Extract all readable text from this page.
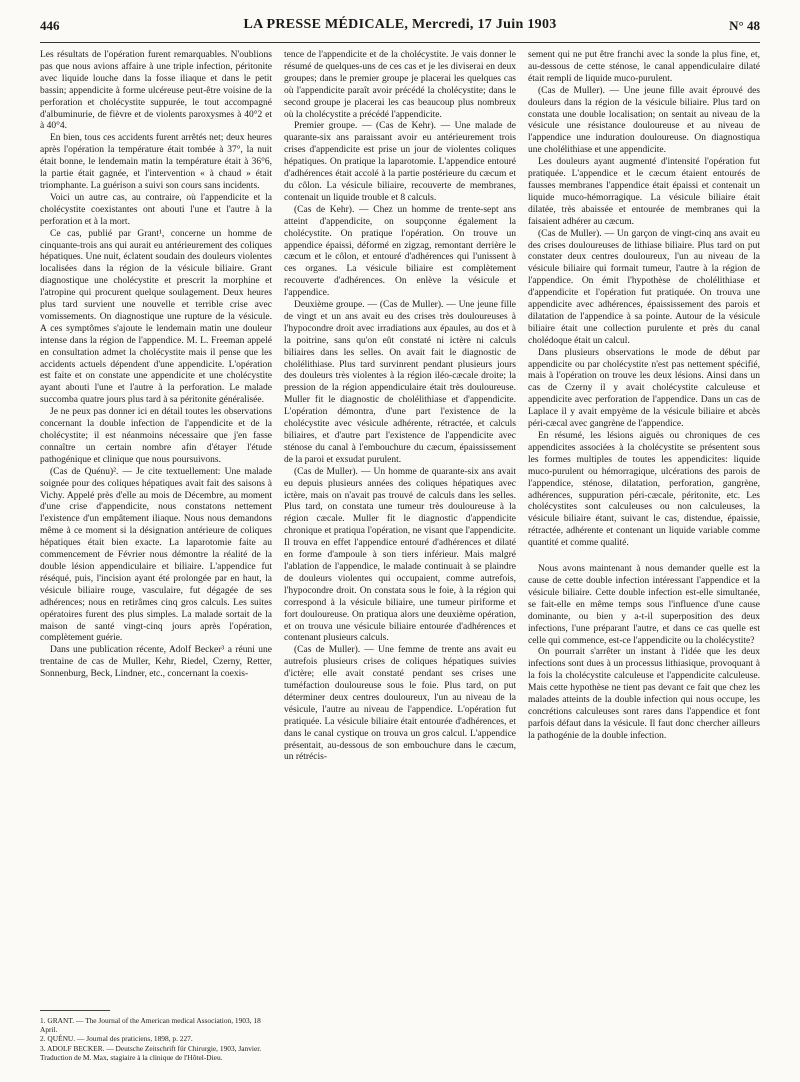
446	LA PRESSE MÉDICALE, Mercredi, 17 Juin 1903	N° 48

Les résultats de l'opération furent remarquables. N'oublions pas que nous avions affaire à une triple infection, péritonite avec liquide louche dans la fosse iliaque et dans le petit bassin; appendicite à forme ulcéreuse peut-être voisine de la perforation et cholécystite suppurée, le tout accompagné d'albuminurie, de fièvre et de violents paroxysmes à 40°2 et à 40°4.

En bien, tous ces accidents furent arrêtés net; deux heures après l'opération la température était tombée à 37°, la nuit était bonne, le lendemain matin la température était à 36°6, la partie était gagnée, et l'intervention « à chaud » était triomphante. La guérison a suivi son cours sans incidents.

Voici un autre cas, au contraire, où l'appendicite et la cholécystite coexistantes ont abouti l'une et l'autre à la perforation et à la mort.

Ce cas, publié par Grant¹, concerne un homme de cinquante-trois ans qui aurait eu antérieurement des coliques hépatiques. Une nuit, éclatent soudain des douleurs violentes localisées dans la région de la vésicule biliaire. Grant diagnostique une cholécystite et prescrit la morphine et l'atropine qui procurent quelque soulagement. Deux heures plus tard survient une nouvelle et terrible crise avec vomissements. On diagnostique une rupture de la vésicule. A ces symptômes s'ajoute le lendemain matin une douleur intense dans la région de l'appendice. M. L. Freeman appelé en consultation admet la cholécystite mais il pense que les accidents actuels dépendent d'une appendicite. L'opération est faite et on constate une appendicite et une cholécystite ayant abouti l'une et l'autre à la perforation. Le malade succomba quatre jours plus tard à sa péritonite généralisée.

Je ne peux pas donner ici en détail toutes les observations concernant la double infection de l'appendicite et de la cholécystite; il est néanmoins nécessaire que j'en fasse connaître un certain nombre afin d'étayer l'étude pathogénique et clinique que nous poursuivons.

(Cas de Quénu)². — Je cite textuellement: Une malade soignée pour des coliques hépatiques avait fait des saisons à Vichy. Appelé près d'elle au mois de Décembre, au moment d'une crise d'appendicite, nous constatons nettement l'existence d'un empâtement iliaque. Nous nous demandons même à ce moment si la désignation antérieure de coliques hépatiques était bien exacte. La laparotomie faite au commencement de Février nous démontre la réalité de la double lésion appendiculaire et biliaire. L'appendice fut réséqué, puis, l'incision ayant été prolongée par en haut, la vésicule biliaire rouge, vasculaire, fut dégagée de ses adhérences; nous en retirâmes cinq gros calculs. Les suites opératoires furent des plus simples. La malade sortait de la maison de santé vingt-cinq jours après l'opération, complètement guérie.

Dans une publication récente, Adolf Becker³ a réuni une trentaine de cas de Muller, Kehr, Riedel, Czerny, Retter, Sonnenburg, Beck, Lindner, etc., concernant la coexis-

tence de l'appendicite et de la cholécystite. Je vais donner le résumé de quelques-uns de ces cas et je les diviserai en deux groupes; dans le premier groupe je placerai les quelques cas où l'appendicite paraît avoir précédé la cholécystite; dans le second groupe je placerai les cas beaucoup plus nombreux où la cholécystite a précédé l'appendicite.

Premier groupe. — (Cas de Kehr). — Une malade de quarante-six ans paraissant avoir eu antérieurement trois crises d'appendicite est prise un jour de violentes coliques hépatiques. On pratique la laparotomie. L'appendice entouré d'adhérences était accolé à la partie postérieure du cæcum et du côlon. La vésicule biliaire, recouverte de membranes, contenait un liquide trouble et 8 calculs.

(Cas de Kehr). — Chez un homme de trente-sept ans atteint d'appendicite, on soupçonne également la cholécystite. On pratique l'opération. On trouve un appendice épaissi, déformé en zigzag, remontant derrière le cæcum et le côlon, et entouré d'adhérences qui l'unissent à ces organes. La vésicule biliaire est complètement recouverte d'adhérences. On enlève la vésicule et l'appendice.

Deuxième groupe. — (Cas de Muller). — Une jeune fille de vingt et un ans avait eu des crises très douloureuses à l'hypocondre droit avec irradiations aux épaules, au dos et à la poitrine, sans qu'on eût constaté ni ictère ni calculs biliaires dans les selles. On avait fait le diagnostic de cholélithiase. Plus tard survinrent pendant plusieurs jours des douleurs très violentes à la région iléo-cæcale droite; la pression de la région appendiculaire était très douloureuse. Muller fit le diagnostic de cholélithiase et d'appendicite. L'opération démontra, d'une part l'existence de la cholécystite avec vésicule adhérente, rétractée, et calculs biliaires, et d'autre part l'existence de l'appendicite avec sténose du canal à l'embouchure du cæcum, épaississement de la paroi et exsudat purulent.

(Cas de Muller). — Un homme de quarante-six ans avait eu depuis plusieurs années des coliques hépatiques avec ictère, mais on n'avait pas trouvé de calculs dans les selles. Plus tard, on constata une tumeur très douloureuse à la région cæcale. Muller fit le diagnostic d'appendicite chronique et pratiqua l'opération, ne visant que l'appendicite. Il trouva en effet l'appendice entouré d'adhérences et dilaté en forme d'ampoule à son tiers inférieur. Mais malgré l'ablation de l'appendice, le malade continuait à se plaindre de douleurs violentes qui occupaient, comme autrefois, l'hypocondre droit. On constata sous le foie, à la région qui correspond à la vésicule biliaire, une tumeur piriforme et fort douloureuse. On pratiqua alors une deuxième opération, et on trouva une vésicule biliaire entourée d'adhérences et contenant plusieurs calculs.

(Cas de Muller). — Une femme de trente ans avait eu autrefois plusieurs crises de coliques hépatiques suivies d'ictère; elle avait constaté pendant ses crises une tuméfaction douloureuse sous le foie. Plus tard, on put déterminer deux centres douloureux, l'un au niveau de la vésicule, l'autre au niveau de l'appendice. L'opération fut pratiquée. La vésicule biliaire était entourée d'adhérences, et dans le canal cystique on trouva un gros calcul. L'appendice présentait, au-dessous de son embouchure dans le cæcum, un rétrécis-

sement qui ne put être franchi avec la sonde la plus fine, et, au-dessous de cette sténose, le canal appendiculaire dilaté était rempli de liquide muco-purulent.

(Cas de Muller). — Une jeune fille avait éprouvé des douleurs dans la région de la vésicule biliaire. Plus tard on constata une double localisation; on sentait au niveau de la vésicule une résistance douloureuse et au niveau de l'appendice une induration douloureuse. On diagnostiqua une cholélithiase et une appendicite.

Les douleurs ayant augmenté d'intensité l'opération fut pratiquée. L'appendice et le cæcum étaient entourés de fausses membranes l'appendice était épaissi et contenait un liquide muco-hémorragique. La vésicule biliaire était dilatée, très abaissée et entourée de membranes qui la faisaient adhérer au cæcum.

(Cas de Muller). — Un garçon de vingt-cinq ans avait eu des crises douloureuses de lithiase biliaire. Plus tard on put constater deux centres douloureux, l'un au niveau de la vésicule biliaire qui formait tumeur, l'autre à la région de l'appendice. On émit l'hypothèse de cholélithiase et d'appendicite et l'opération fut pratiquée. On trouva une appendicite avec adhérences, épaississement des parois et dilatation de l'appendice à sa pointe. Autour de la vésicule biliaire était une collection purulente et près du canal cholédoque était un calcul.

Dans plusieurs observations le mode de début par appendicite ou par cholécystite n'est pas nettement spécifié, mais à l'opération on trouve les deux lésions. Ainsi dans un cas de Czerny il y avait cholécystite calculeuse et appendicite avec perforation de l'appendice. Dans un cas de Laplace il y avait empyème de la vésicule biliaire et abcès péri-cæcal avec gangrène de l'appendice.

En résumé, les lésions aiguës ou chroniques de ces appendicites associées à la cholécystite se présentent sous les formes multiples de toutes les appendicites: liquide muco-purulent ou hémorragique, ulcérations des parois de l'appendice, sténose, dilatation, perforation, gangrène, adhérences, suppuration péri-cæcale, péritonite, etc. Les cholécystites sont calculeuses ou non calculeuses, la vésicule biliaire étant, suivant le cas, distendue, épaissie, rétractée, adhérente et contenant un liquide variable comme quantité et comme qualité.

Nous avons maintenant à nous demander quelle est la cause de cette double infection intéressant l'appendice et la vésicule biliaire. Cette double infection est-elle simultanée, se fait-elle en même temps sous l'influence d'une cause dominante, ou bien y a-t-il superposition des deux infections, l'une préparant l'autre, et dans ce cas quelle est celle qui commence, est-ce l'appendicite ou la cholécystite?

On pourrait s'arrêter un instant à l'idée que les deux infections sont dues à un processus lithiasique, provoquant à la fois la cholécystite calculeuse et l'appendicite calculeuse. Mais cette hypothèse ne tient pas devant ce fait que chez les malades atteints de la double infection qui nous occupe, les concrétions calculeuses sont rares dans l'appendice et font parfois défaut dans la vésicule. Il faut donc chercher ailleurs la pathogénie de la double infection.

1. GRANT. — The Journal of the American medical Association, 1903, 18 April.
2. QUÉNU. — Journal des praticiens, 1898, p. 227.
3. ADOLF BECKER. — Deutsche Zeitschrift für Chirurgie, 1903, Janvier. Traduction de M. Max, stagiaire à la clinique de l'Hôtel-Dieu.
